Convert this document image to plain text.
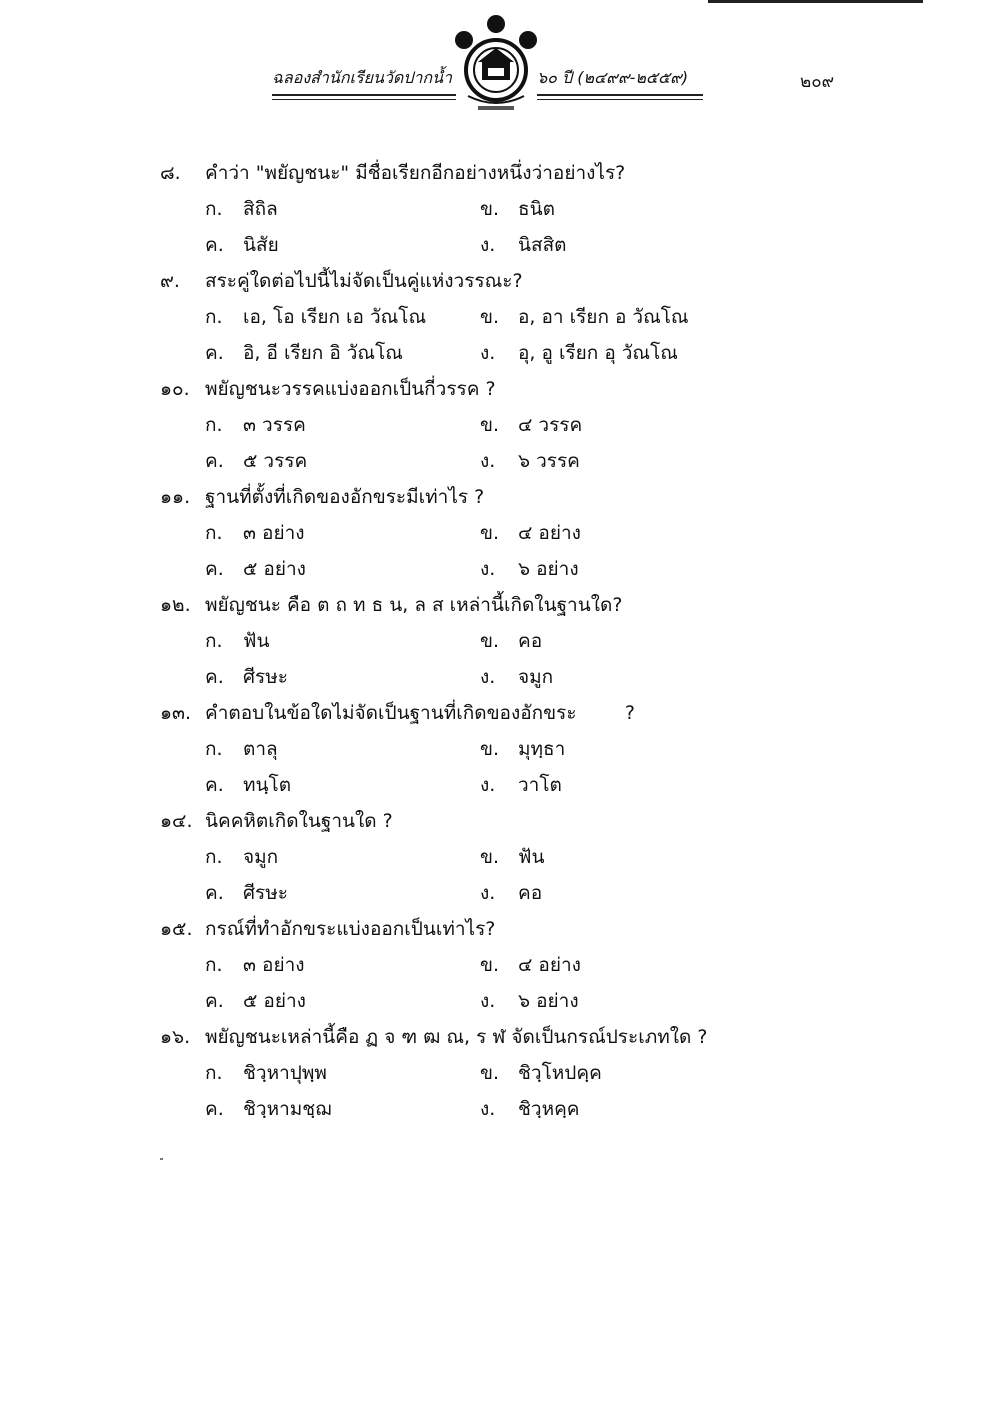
ฉลองสำนักเรียนวัดปากน้ำ	๖๐ ปี (๒๔๙๙-๒๕๕๙)	๒๐๙
๘.	คำว่า "พยัญชนะ" มีชื่อเรียกอีกอย่างหนึ่งว่าอย่างไร?
ก. สิถิล	ข. ธนิต
ค. นิสัย	ง. นิสสิต
๙.	สระคู่ใดต่อไปนี้ไม่จัดเป็นคู่แห่งวรรณะ?
ก. เอ, โอ เรียก เอ วัณโณ	ข. อ, อา เรียก อ วัณโณ
ค. อิ, อี เรียก อิ วัณโณ	ง. อุ, อู เรียก อุ วัณโณ
๑๐. พยัญชนะวรรคแบ่งออกเป็นกี่วรรค ?
ก. ๓ วรรค	ข. ๔ วรรค
ค. ๕ วรรค	ง. ๖ วรรค
๑๑. ฐานที่ตั้งที่เกิดของอักขระมีเท่าไร ?
ก. ๓ อย่าง	ข. ๔ อย่าง
ค. ๕ อย่าง	ง. ๖ อย่าง
๑๒. พยัญชนะ คือ ต ถ ท ธ น, ล ส เหล่านี้เกิดในฐานใด?
ก. ฟัน	ข. คอ
ค. ศีรษะ	ง. จมูก
๑๓. คำตอบในข้อใดไม่จัดเป็นฐานที่เกิดของอักขระ        ?
ก. ตาลุ	ข. มุทฺธา
ค. ทนฺโต	ง. วาโต
๑๔. นิคคหิตเกิดในฐานใด ?
ก. จมูก	ข. ฟัน
ค. ศีรษะ	ง. คอ
๑๕. กรณ์ที่ทำอักขระแบ่งออกเป็นเท่าไร?
ก. ๓ อย่าง	ข. ๔ อย่าง
ค. ๕ อย่าง	ง. ๖ อย่าง
๑๖. พยัญชนะเหล่านี้คือ ฏ จ ฑ ฒ ณ, ร ฬ จัดเป็นกรณ์ประเภทใด ?
ก. ชิวฺหาปุพฺพ	ข. ชิวฺโหปคฺค
ค. ชิวฺหามชฺฌ	ง. ชิวฺหคฺค
